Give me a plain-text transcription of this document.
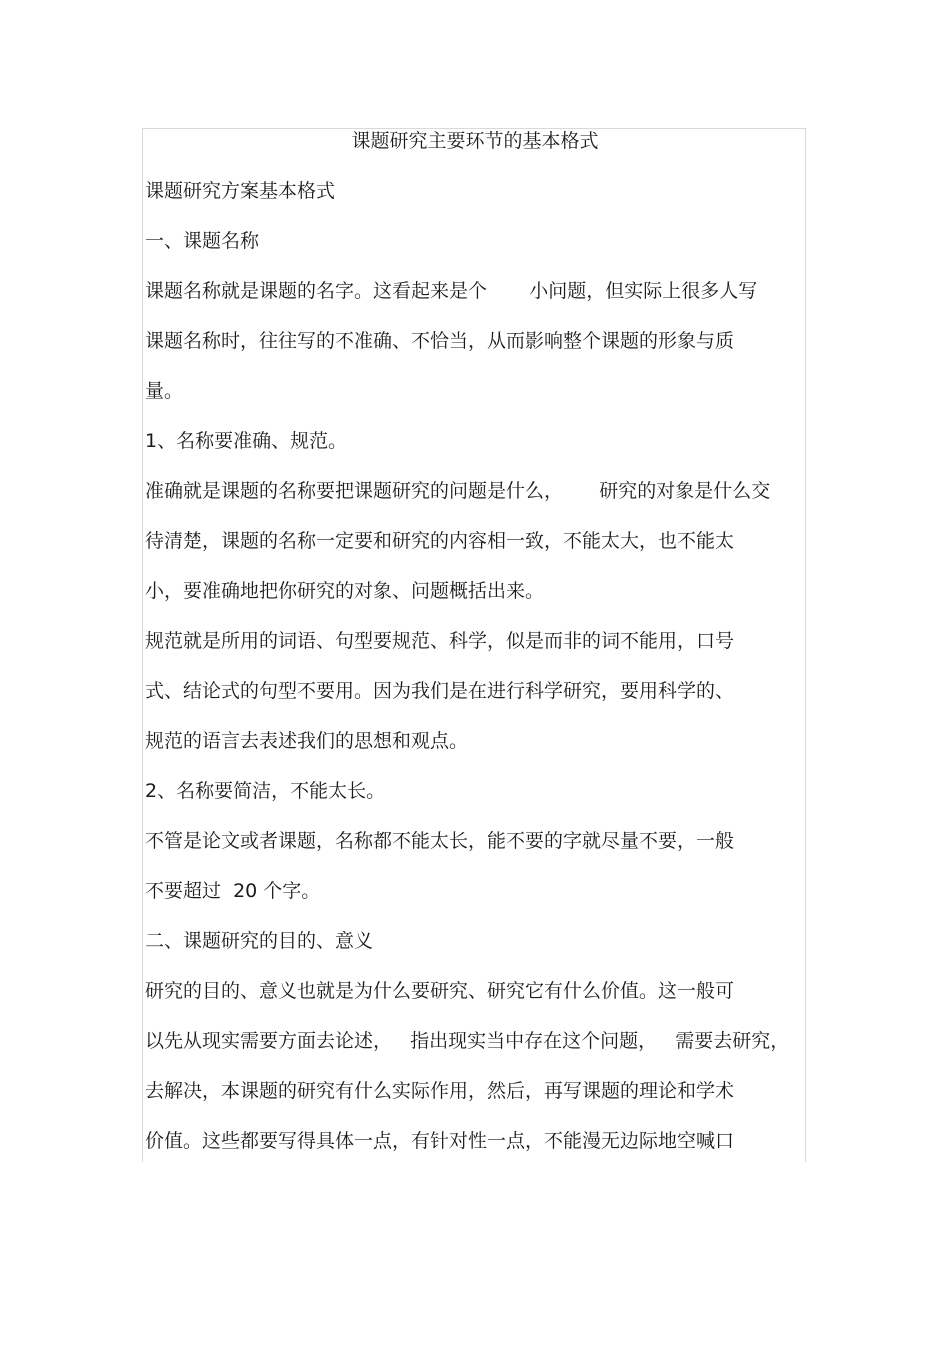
课题研究主要环节的基本格式
课题研究方案基本格式
一、课题名称
课题名称就是课题的名字。这看起来是个       小问题，但实际上很多人写
课题名称时，往往写的不准确、不恰当，从而影响整个课题的形象与质
量。
1、名称要准确、规范。
准确就是课题的名称要把课题研究的问题是什么，      研究的对象是什么交
待清楚，课题的名称一定要和研究的内容相一致，不能太大，也不能太
小，要准确地把你研究的对象、问题概括出来。
规范就是所用的词语、句型要规范、科学，似是而非的词不能用，口号
式、结论式的句型不要用。因为我们是在进行科学研究，要用科学的、
规范的语言去表述我们的思想和观点。
2、名称要简洁，不能太长。
不管是论文或者课题，名称都不能太长，能不要的字就尽量不要，一般
不要超过  20 个字。
二、课题研究的目的、意义
研究的目的、意义也就是为什么要研究、研究它有什么价值。这一般可
以先从现实需要方面去论述，   指出现实当中存在这个问题，   需要去研究，
去解决，本课题的研究有什么实际作用，然后，再写课题的理论和学术
价值。这些都要写得具体一点，有针对性一点，不能漫无边际地空喊口
